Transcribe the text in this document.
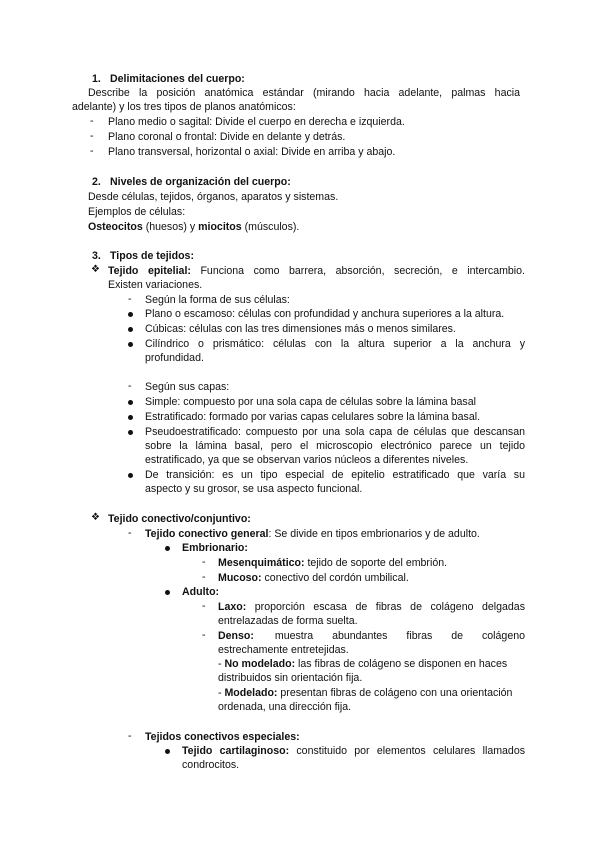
1. Delimitaciones del cuerpo:
Describe la posición anatómica estándar (mirando hacia adelante, palmas hacia
adelante) y los tres tipos de planos anatómicos:
- Plano medio o sagital: Divide el cuerpo en derecha e izquierda.
- Plano coronal o frontal: Divide en delante y detrás.
- Plano transversal, horizontal o axial: Divide en arriba y abajo.
2. Niveles de organización del cuerpo:
Desde células, tejidos, órganos, aparatos y sistemas.
Ejemplos de células:
Osteocitos (huesos) y miocitos (músculos).
3. Tipos de tejidos:
❖ Tejido epitelial: Funciona como barrera, absorción, secreción, e intercambio.
Existen variaciones.
- Según la forma de sus células:
Plano o escamoso: células con profundidad y anchura superiores a la altura.
Cúbicas: células con las tres dimensiones más o menos similares.
Cilíndrico o prismático: células con la altura superior a la anchura y
profundidad.
- Según sus capas:
Simple: compuesto por una sola capa de células sobre la lámina basal
Estratificado: formado por varias capas celulares sobre la lámina basal.
Pseudoestratificado: compuesto por una sola capa de células que descansan
sobre la lámina basal, pero el microscopio electrónico parece un tejido
estratificado, ya que se observan varios núcleos a diferentes niveles.
De transición: es un tipo especial de epitelio estratificado que varía su
aspecto y su grosor, se usa aspecto funcional.
❖ Tejido conectivo/conjuntivo:
- Tejido conectivo general: Se divide en tipos embrionarios y de adulto.
Embrionario:
- Mesenquimático: tejido de soporte del embrión.
- Mucoso: conectivo del cordón umbilical.
Adulto:
- Laxo: proporción escasa de fibras de colágeno delgadas
entrelazadas de forma suelta.
- Denso: muestra abundantes fibras de colágeno
estrechamente entretejidas.
- No modelado: las fibras de colágeno se disponen en haces
distribuidos sin orientación fija.
- Modelado: presentan fibras de colágeno con una orientación
ordenada, una dirección fija.
- Tejidos conectivos especiales:
Tejido cartilaginoso: constituido por elementos celulares llamados
condrocitos.
